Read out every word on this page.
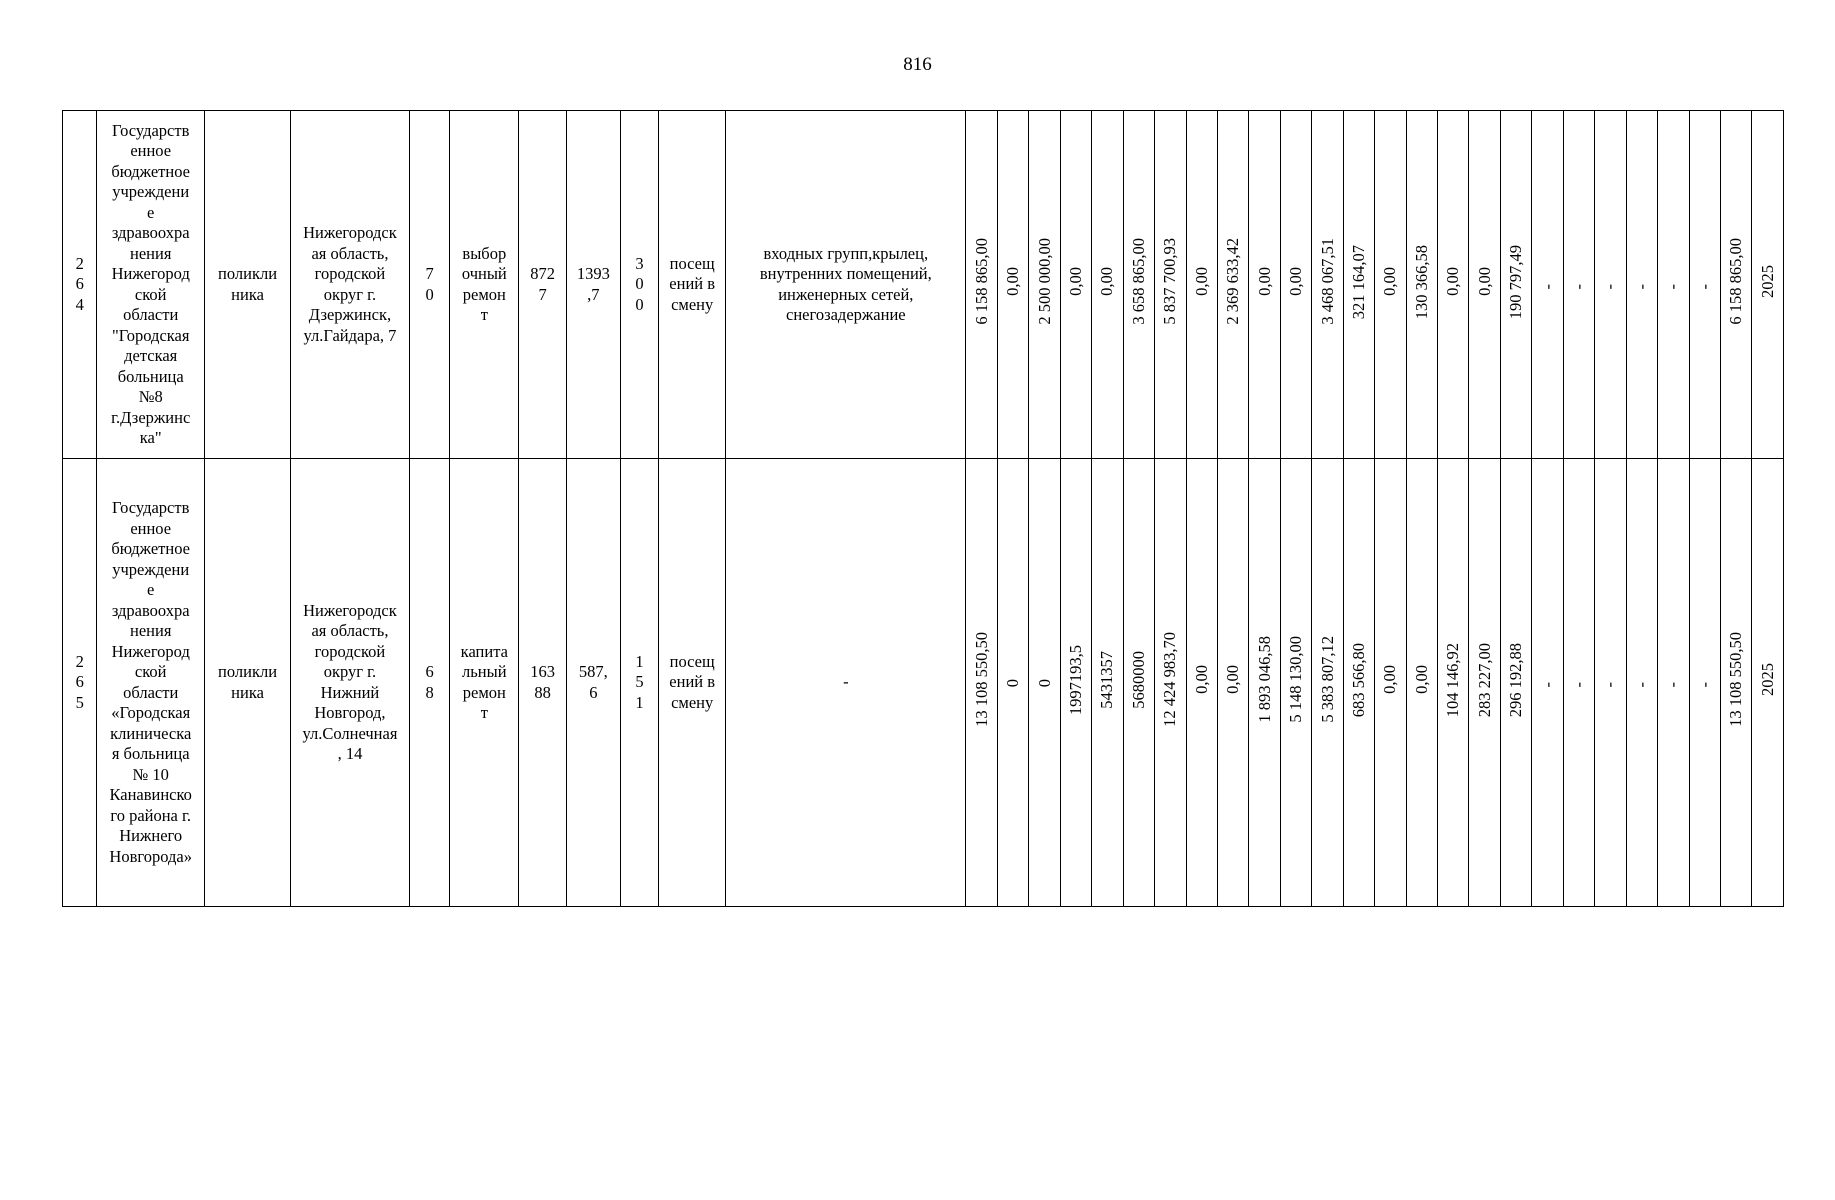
816
264	Государственное бюджетное учреждение здравоохранения Нижегородской области "Городская детская больница №8 г.Дзержинска"	поликлиника	Нижегородская область, городской округ г. Дзержинск, ул.Гайдара, 7	70	выборочный ремонт	8727	1393,7	300	посещений в смену	входных групп,крылец, внутренних помещений, инженерных сетей, снегозадержание	6 158 865,00	0,00	2 500 000,00	0,00	0,00	3 658 865,00	5 837 700,93	0,00	2 369 633,42	0,00	0,00	3 468 067,51	321 164,07	0,00	130 366,58	0,00	0,00	190 797,49	-	-	-	-	-	-	6 158 865,00	2025

265	Государственное бюджетное учреждение здравоохранения Нижегородской области «Городская клиническая больница № 10 Канавинского района г. Нижнего Новгорода»	поликлиника	Нижегородская область, городской округ г. Нижний Новгород, ул.Солнечная, 14	68	капитальный ремонт	16388	587,6	151	посещений в смену	-	13 108 550,50	0	0	1997193,5	5431357	5680000	12 424 983,70	0,00	0,00	1 893 046,58	5 148 130,00	5 383 807,12	683 566,80	0,00	0,00	104 146,92	283 227,00	296 192,88	-	-	-	-	-	-	13 108 550,50	2025
